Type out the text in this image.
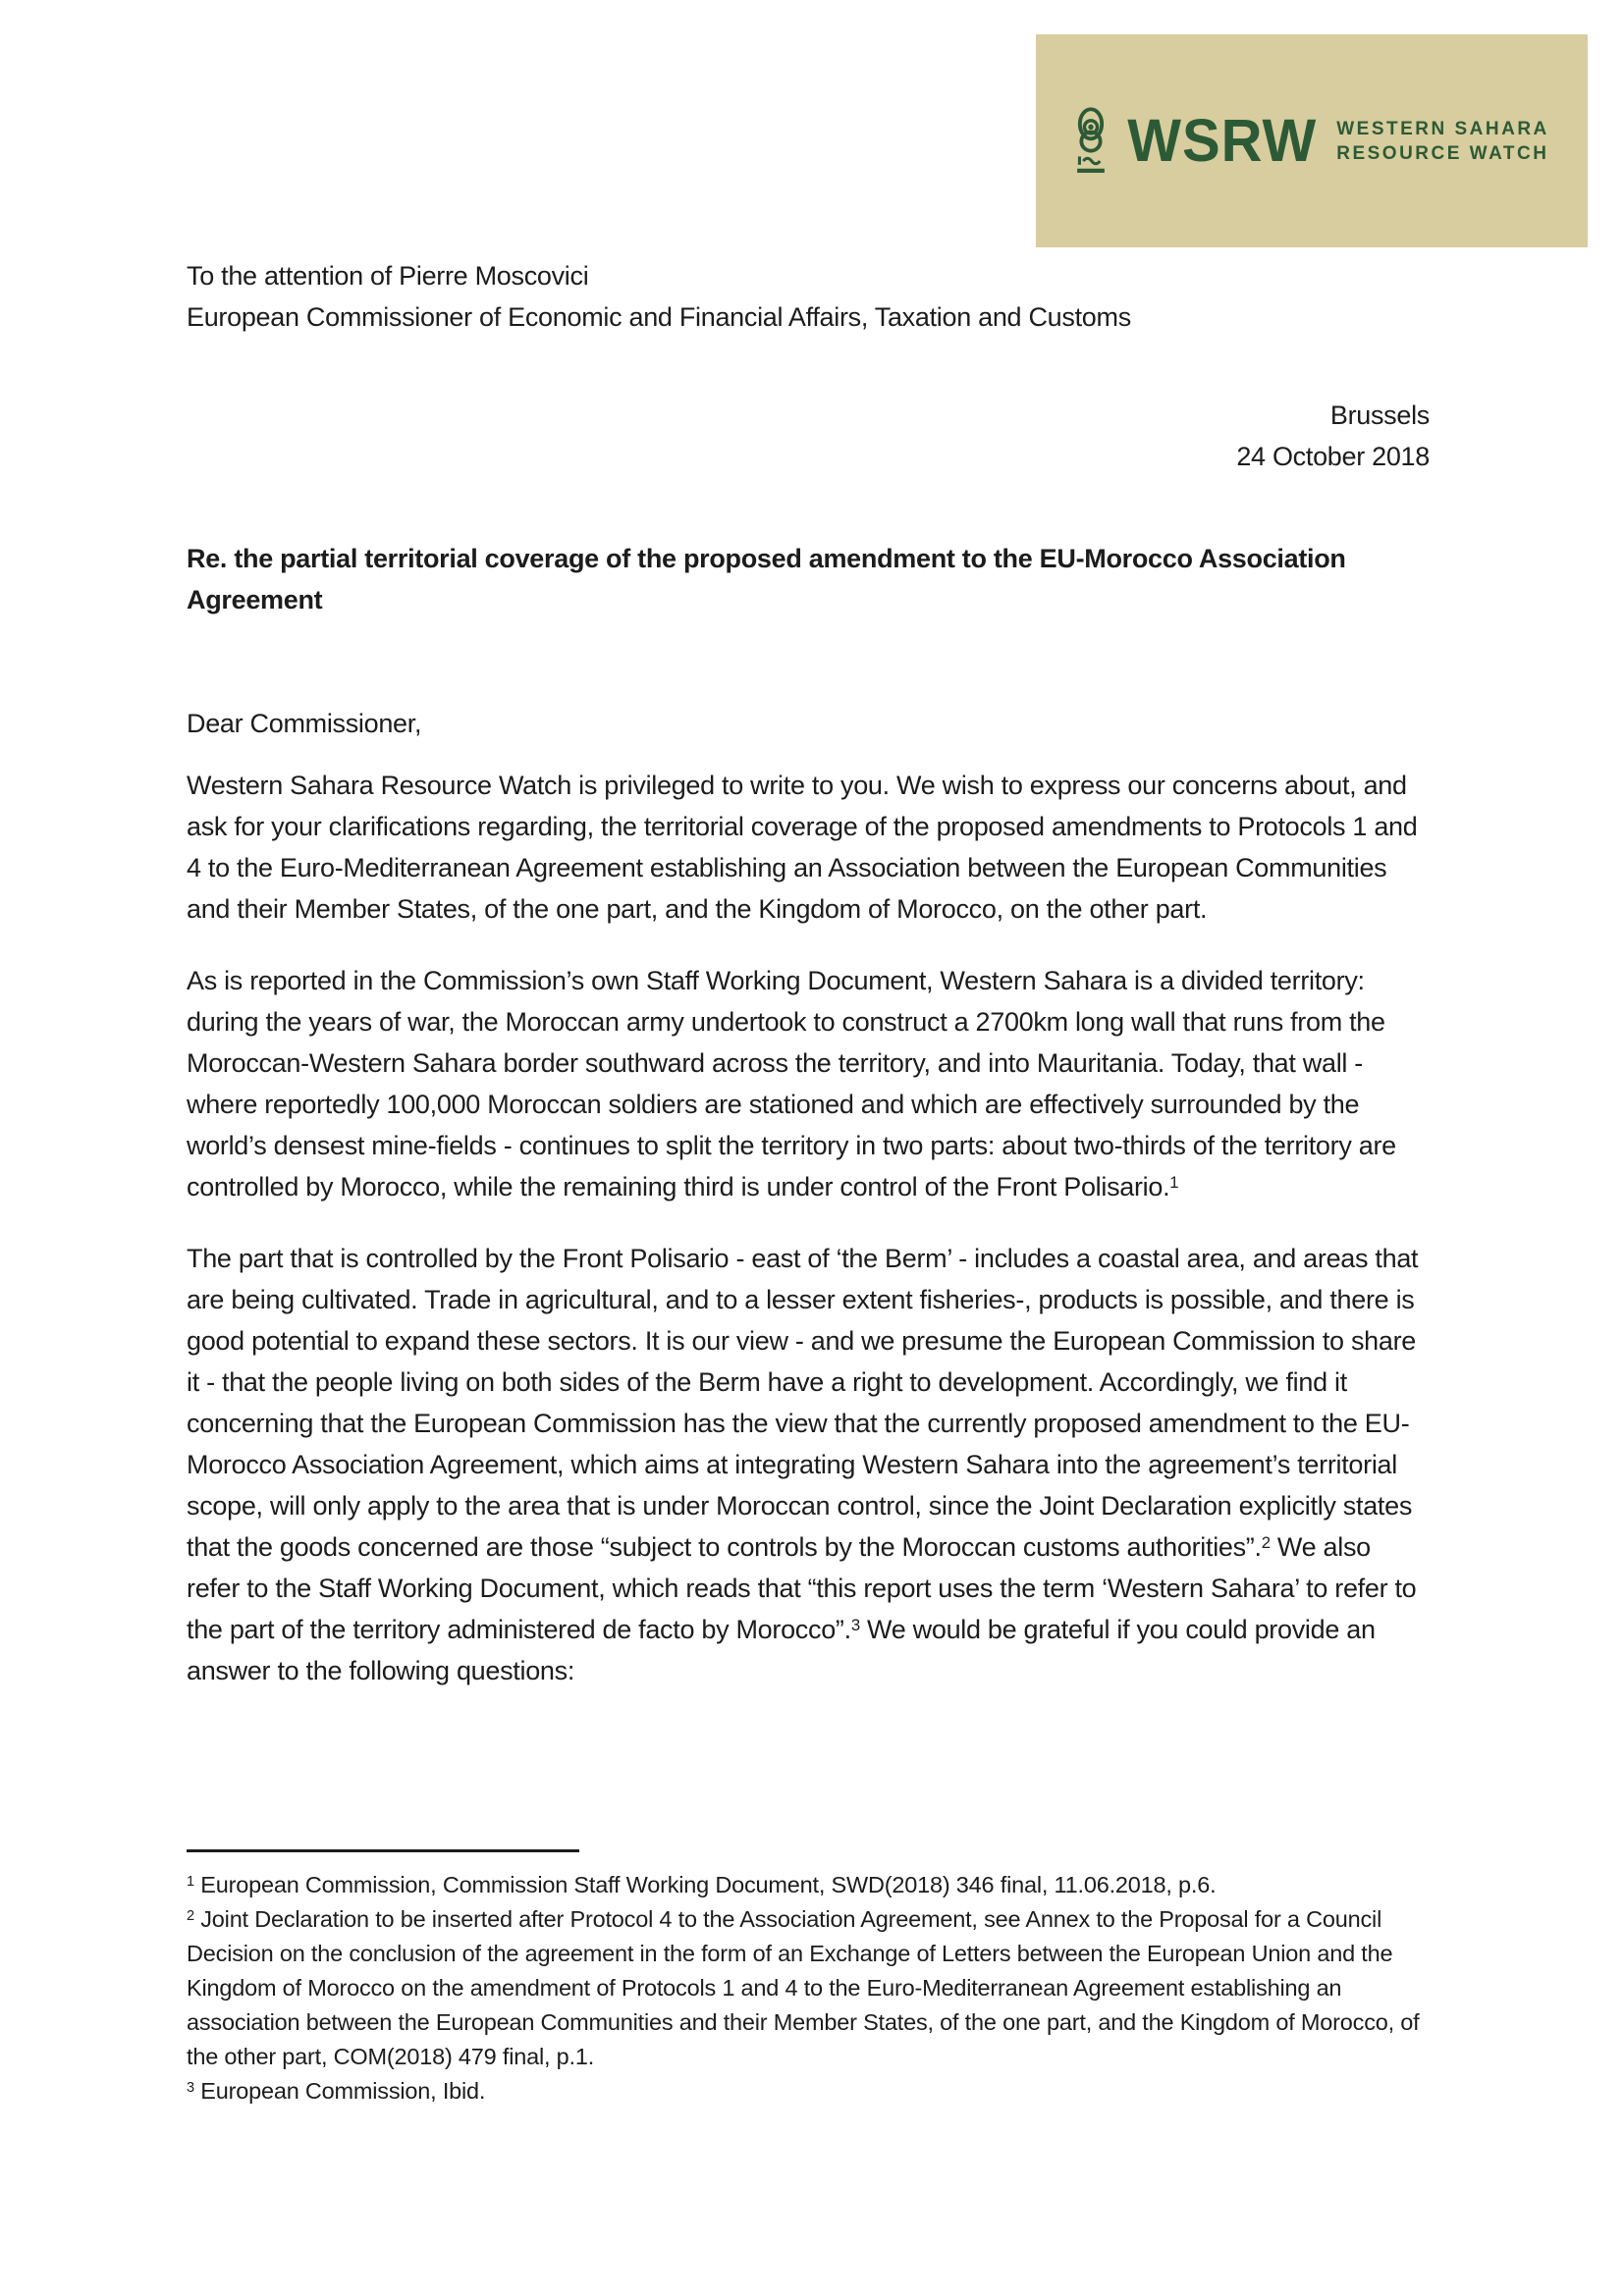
WSRW WESTERN SAHARA
RESOURCE WATCH
To the attention of Pierre Moscovici
European Commissioner of Economic and Financial Affairs, Taxation and Customs
Brussels
24 October 2018
Re. the partial territorial coverage of the proposed amendment to the EU-Morocco Association Agreement
Dear Commissioner,

Western Sahara Resource Watch is privileged to write to you. We wish to express our concerns about, and ask for your clarifications regarding, the territorial coverage of the proposed amendments to Protocols 1 and 4 to the Euro-Mediterranean Agreement establishing an Association between the European Communities and their Member States, of the one part, and the Kingdom of Morocco, on the other part.

As is reported in the Commission’s own Staff Working Document, Western Sahara is a divided territory: during the years of war, the Moroccan army undertook to construct a 2700km long wall that runs from the Moroccan-Western Sahara border southward across the territory, and into Mauritania. Today, that wall - where reportedly 100,000 Moroccan soldiers are stationed and which are effectively surrounded by the world’s densest mine-fields - continues to split the territory in two parts: about two-thirds of the territory are controlled by Morocco, while the remaining third is under control of the Front Polisario.$^1$

The part that is controlled by the Front Polisario - east of ‘the Berm’ - includes a coastal area, and areas that are being cultivated. Trade in agricultural, and to a lesser extent fisheries-, products is possible, and there is good potential to expand these sectors. It is our view - and we presume the European Commission to share it - that the people living on both sides of the Berm have a right to development. Accordingly, we find it concerning that the European Commission has the view that the currently proposed amendment to the EU-Morocco Association Agreement, which aims at integrating Western Sahara into the agreement’s territorial scope, will only apply to the area that is under Moroccan control, since the Joint Declaration explicitly states that the goods concerned are those “subject to controls by the Moroccan customs authorities”.$^2$ We also refer to the Staff Working Document, which reads that “this report uses the term ‘Western Sahara’ to refer to the part of the territory administered de facto by Morocco”.$^3$ We would be grateful if you could provide an answer to the following questions:

$^1$ European Commission, Commission Staff Working Document, SWD(2018) 346 final, 11.06.2018, p.6.
$^2$ Joint Declaration to be inserted after Protocol 4 to the Association Agreement, see Annex to the Proposal for a Council Decision on the conclusion of the agreement in the form of an Exchange of Letters between the European Union and the Kingdom of Morocco on the amendment of Protocols 1 and 4 to the Euro-Mediterranean Agreement establishing an association between the European Communities and their Member States, of the one part, and the Kingdom of Morocco, of the other part, COM(2018) 479 final, p.1.
$^3$ European Commission, Ibid.
